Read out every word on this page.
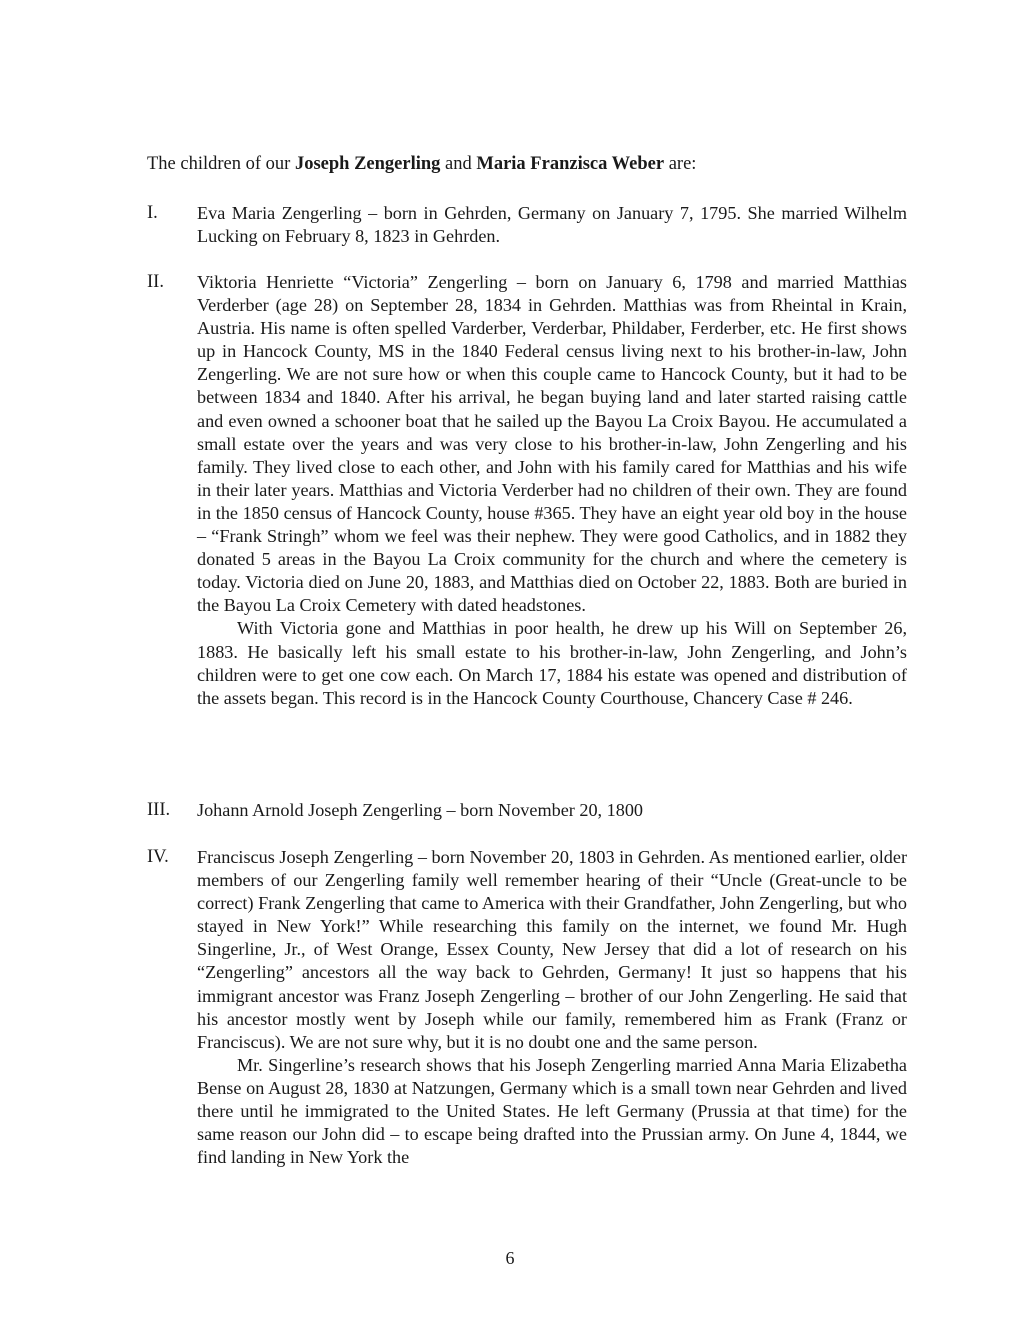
The children of our Joseph Zengerling and Maria Franzisca Weber are:
I. Eva Maria Zengerling – born in Gehrden, Germany on January 7, 1795. She married Wilhelm Lucking on February 8, 1823 in Gehrden.

II. Viktoria Henriette “Victoria” Zengerling – born on January 6, 1798 and married Matthias Verderber (age 28) on September 28, 1834 in Gehrden. Matthias was from Rheintal in Krain, Austria. His name is often spelled Varderber, Verderbar, Phildaber, Ferderber, etc. He first shows up in Hancock County, MS in the 1840 Federal census living next to his brother-in-law, John Zengerling. We are not sure how or when this couple came to Hancock County, but it had to be between 1834 and 1840. After his arrival, he began buying land and later started raising cattle and even owned a schooner boat that he sailed up the Bayou La Croix Bayou. He accumulated a small estate over the years and was very close to his brother-in-law, John Zengerling and his family. They lived close to each other, and John with his family cared for Matthias and his wife in their later years. Matthias and Victoria Verderber had no children of their own. They are found in the 1850 census of Hancock County, house #365. They have an eight year old boy in the house – “Frank Stringh” whom we feel was their nephew. They were good Catholics, and in 1882 they donated 5 areas in the Bayou La Croix community for the church and where the cemetery is today. Victoria died on June 20, 1883, and Matthias died on October 22, 1883. Both are buried in the Bayou La Croix Cemetery with dated headstones.

With Victoria gone and Matthias in poor health, he drew up his Will on September 26, 1883. He basically left his small estate to his brother-in-law, John Zengerling, and John’s children were to get one cow each. On March 17, 1884 his estate was opened and distribution of the assets began. This record is in the Hancock County Courthouse, Chancery Case # 246.

III. Johann Arnold Joseph Zengerling – born November 20, 1800

IV. Franciscus Joseph Zengerling – born November 20, 1803 in Gehrden. As mentioned earlier, older members of our Zengerling family well remember hearing of their “Uncle (Great-uncle to be correct) Frank Zengerling that came to America with their Grandfather, John Zengerling, but who stayed in New York!” While researching this family on the internet, we found Mr. Hugh Singerline, Jr., of West Orange, Essex County, New Jersey that did a lot of research on his “Zengerling” ancestors all the way back to Gehrden, Germany! It just so happens that his immigrant ancestor was Franz Joseph Zengerling – brother of our John Zengerling. He said that his ancestor mostly went by Joseph while our family, remembered him as Frank (Franz or Franciscus). We are not sure why, but it is no doubt one and the same person.

Mr. Singerline’s research shows that his Joseph Zengerling married Anna Maria Elizabetha Bense on August 28, 1830 at Natzungen, Germany which is a small town near Gehrden and lived there until he immigrated to the United States. He left Germany (Prussia at that time) for the same reason our John did – to escape being drafted into the Prussian army. On June 4, 1844, we find landing in New York the

6
